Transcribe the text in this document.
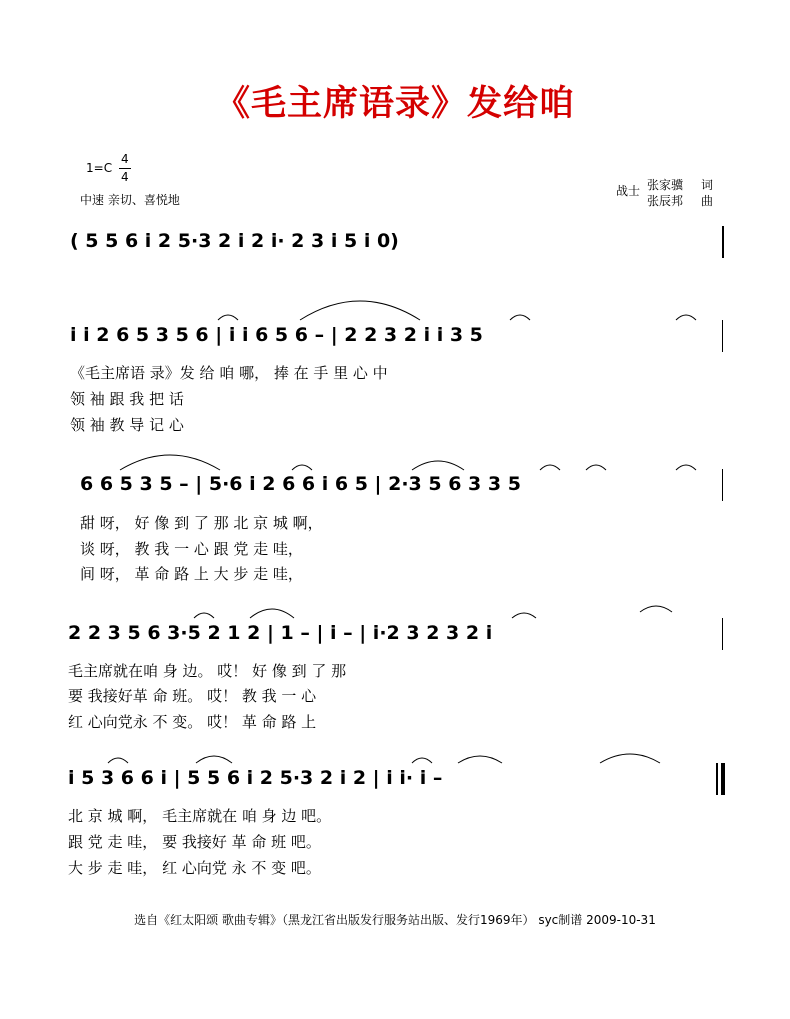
《毛主席语录》发给咱
1=C
4
4
中速 亲切、喜悦地
战士 张家骥 词
张辰邦 曲
( 5 5 6 i 2 5·3 2 i 2 i· 2 3 i 5 i 0)
i i 2 6 5 3 5 6 | i i 6 5 6 – | 2 2 3 2 i i 3 5
《毛主席语 录》发 给 咱 哪， 捧 在 手 里 心 中
领 袖 跟 我 把 话
领 袖 教 导 记 心
6 6 5 3 5 – | 5·6 i 2 6 6 i 6 5 | 2·3 5 6 3 3 5
甜 呀， 好 像 到 了 那 北 京 城 啊，
谈 呀， 教 我 一 心 跟 党 走 哇，
间 呀， 革 命 路 上 大 步 走 哇，
2 2 3 5 6 3·5 2 1 2 | 1 – | i – | i·2 3 2 3 2 i
毛主席就在咱 身 边。 哎！ 好 像 到 了 那
要 我接好革 命 班。 哎！ 教 我 一 心
红 心向党永 不 变。 哎！ 革 命 路 上
i 5 3 6 6 i | 5 5 6 i 2 5·3 2 i 2 | i i· i –
北 京 城 啊， 毛主席就在 咱 身 边 吧。
跟 党 走 哇， 要 我接好 革 命 班 吧。
大 步 走 哇， 红 心向党 永 不 变 吧。
选自《红太阳颂 歌曲专辑》（黑龙江省出版发行服务站出版、发行1969年） syc制谱 2009-10-31
